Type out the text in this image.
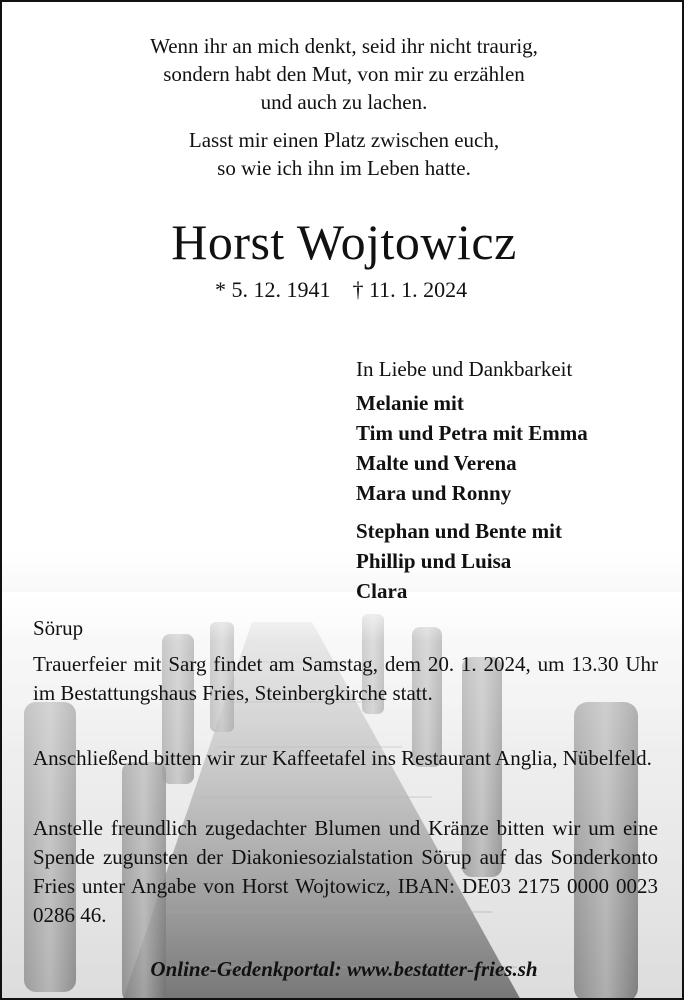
Wenn ihr an mich denkt, seid ihr nicht traurig,

sondern habt den Mut, von mir zu erzählen

und auch zu lachen.

Lasst mir einen Platz zwischen euch,

so wie ich ihn im Leben hatte.

Horst Wojtowicz
* 5. 12. 1941 † 11. 1. 2024
In Liebe und Dankbarkeit
Melanie mit
Tim und Petra mit Emma
Malte und Verena
Mara und Ronny
Stephan und Bente mit
Phillip und Luisa
Clara

Sörup

Trauerfeier mit Sarg findet am Samstag, dem 20. 1. 2024, um 13.30 Uhr im Bestattungshaus Fries, Steinbergkirche statt.

Anschließend bitten wir zur Kaffeetafel ins Restaurant Anglia, Nübelfeld.

Anstelle freundlich zugedachter Blumen und Kränze bitten wir um eine Spende zugunsten der Diakoniesozialstation Sörup auf das Sonderkonto Fries unter Angabe von Horst Wojtowicz, IBAN: DE03 2175 0000 0023 0286 46.

Online-Gedenkportal: www.bestatter-fries.sh
